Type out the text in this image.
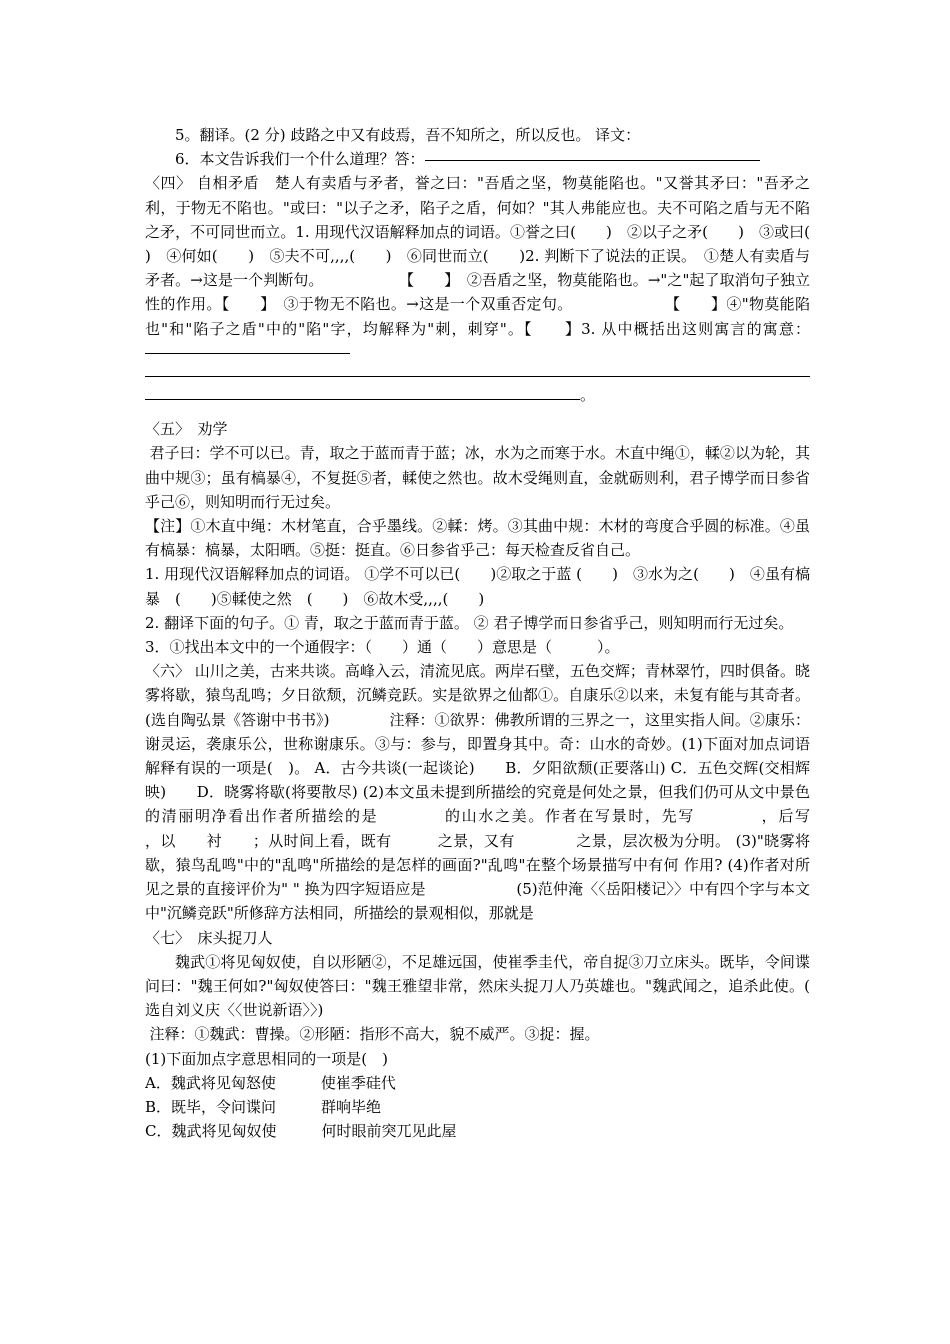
5。翻译。(2 分) 歧路之中又有歧焉，吾不知所之，所以反也。 译文：

6．本文告诉我们一个什么道理？答：

〈四〉 自相矛盾　楚人有卖盾与矛者，誉之曰："吾盾之坚，物莫能陷也。"又誉其矛曰："吾矛之利，于物无不陷也。"或曰："以子之矛，陷子之盾，何如？"其人弗能应也。夫不可陷之盾与无不陷之矛，不可同世而立。1. 用现代汉语解释加点的词语。①誉之曰(　　)　②以子之矛(　　)　③或曰(　　)　④何如(　　)　⑤夫不可,,,,(　　)　⑥同世而立(　　)2. 判断下了说法的正误。　①楚人有卖盾与矛者。→这是一个判断句。　　　　　　【　　】　②吾盾之坚，物莫能陷也。→"之"起了取消句子独立性的作用。【　　】　③于物无不陷也。→这是一个双重否定句。　　　　　　　【　　】④"物莫能陷也"和"陷子之盾"中的"陷"字，均解释为"刺，刺穿"。【　　】3. 从中概括出这则寓言的寓意：

。

〈五〉　劝学

君子曰：学不可以已。青，取之于蓝而青于蓝；冰，水为之而寒于水。木直中绳①，輮②以为轮，其曲中规③；虽有槁暴④，不复挺⑤者，輮使之然也。故木受绳则直，金就砺则利，君子博学而日参省乎己⑥，则知明而行无过矣。

【注】①木直中绳：木材笔直，合乎墨线。②輮：烤。③其曲中规：木材的弯度合乎圆的标准。④虽有槁暴：槁暴，太阳晒。⑤挺：挺直。⑥日参省乎己：每天检查反省自己。

1. 用现代汉语解释加点的词语。 ①学不可以已(　　)②取之于蓝 (　　)　③水为之(　　)　④虽有槁暴　(　　)⑤輮使之然　(　　)　⑥故木受,,,,(　　)

2. 翻译下面的句子。① 青，取之于蓝而青于蓝。 ② 君子博学而日参省乎己，则知明而行无过矣。

3．①找出本文中的一个通假字：（　　）通（　　）意思是（　　　）。

〈六〉 山川之美，古来共谈。高峰入云，清流见底。两岸石壁，五色交辉；青林翠竹，四时俱备。晓雾将歇，猿鸟乱鸣；夕日欲颓，沉鳞竞跃。实是欲界之仙都①。自康乐②以来，未复有能与其奇者。 (选自陶弘景《答谢中书书》)　　　　注释：①欲界：佛教所谓的三界之一，这里实指人间。②康乐：谢灵运，袭康乐公，世称谢康乐。③与：参与，即置身其中。奇：山水的奇妙。(1)下面对加点词语解释有误的一项是(　)。 A．古今共谈(一起谈论)　　B．夕阳欲颓(正要落山) C．五色交辉(交相辉映)　　D．晓雾将歇(将要散尽) (2)本文虽未提到所描绘的究竟是何处之景，但我们仍可从文中景色的清丽明净看出作者所描绘的是　　　　的山水之美。作者在写景时，先写　　　　，后写　　　　，以　　衬　　；从时间上看，既有　　　之景，又有　　　　之景，层次极为分明。 (3)"晓雾将歇，猿鸟乱鸣"中的"乱鸣"所描绘的是怎样的画面?"乱鸣"在整个场景描写中有何 作用? (4)作者对所见之景的直接评价为" " 换为四字短语应是　　　　　　(5)范仲淹〈〈岳阳楼记〉〉中有四个字与本文中"沉鳞竞跃"所修辞方法相同，所描绘的景观相似，那就是

〈七〉　床头捉刀人

魏武①将见匈奴使，自以形陋②，不足雄远国，使崔季圭代，帝自捉③刀立床头。既毕，令间谍问曰："魏王何如?"匈奴使答曰："魏王雅望非常，然床头捉刀人乃英雄也。"魏武闻之，追杀此使。( 选自刘义庆〈〈世说新语〉〉)

注释：①魏武：曹操。②形陋：指形不高大，貌不威严。③捉：握。

(1)下面加点字意思相同的一项是(　)

A．魏武将见匈怒使　　　使崔季硅代

B．既毕，令问谍问　　　群响毕绝

C．魏武将见匈奴使　　　何时眼前突兀见此屋
